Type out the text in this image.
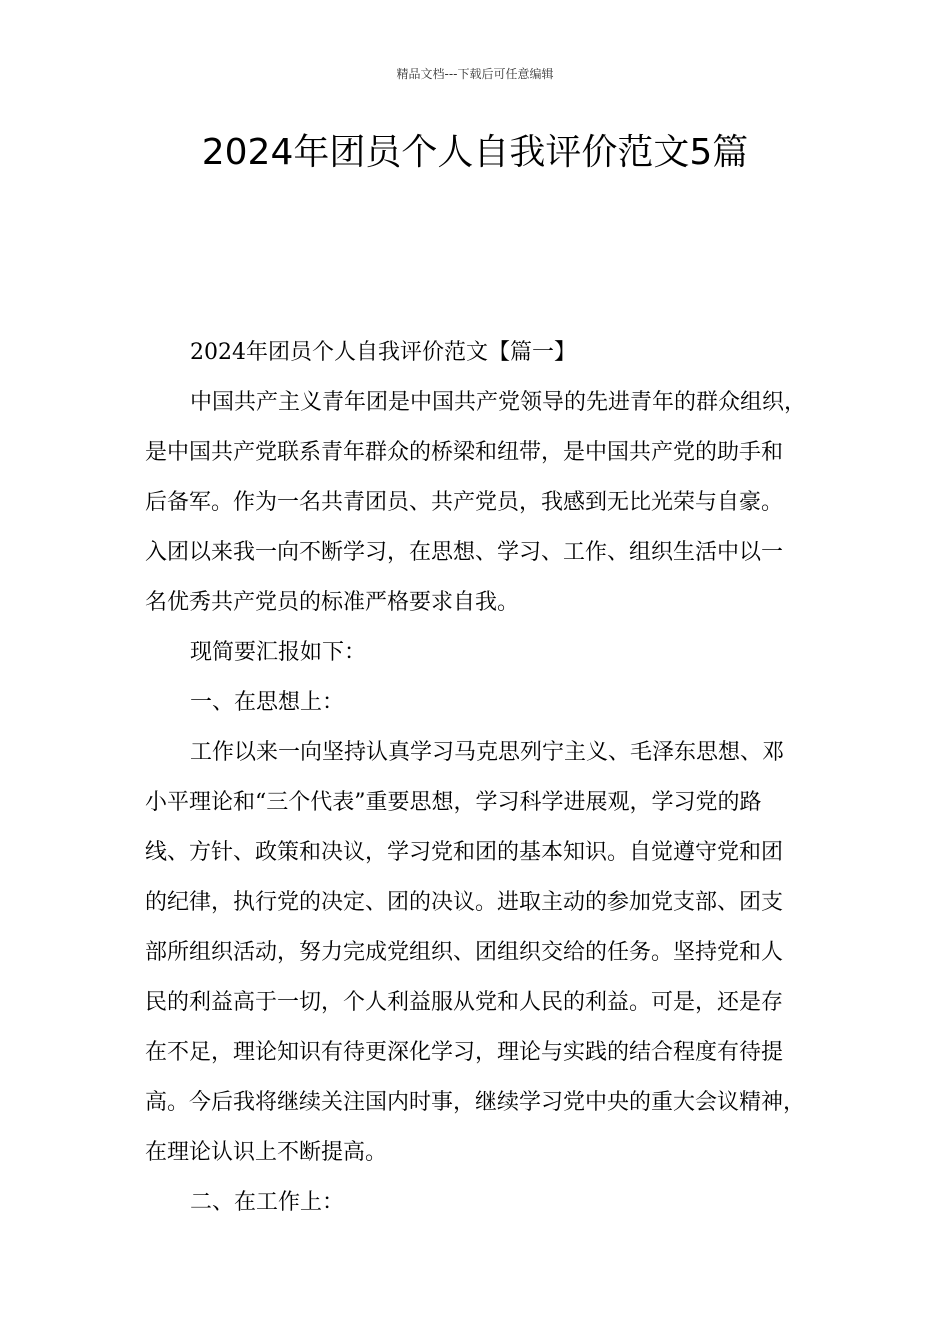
精品文档---下载后可任意编辑
2024年团员个人自我评价范文5篇

2024年团员个人自我评价范文【篇一】

中国共产主义青年团是中国共产党领导的先进青年的群众组织，
是中国共产党联系青年群众的桥梁和纽带，是中国共产党的助手和
后备军。作为一名共青团员、共产党员，我感到无比光荣与自豪。
入团以来我一向不断学习，在思想、学习、工作、组织生活中以一
名优秀共产党员的标准严格要求自我。

现简要汇报如下：

一、在思想上：

工作以来一向坚持认真学习马克思列宁主义、毛泽东思想、邓
小平理论和“三个代表”重要思想，学习科学进展观，学习党的路
线、方针、政策和决议，学习党和团的基本知识。自觉遵守党和团
的纪律，执行党的决定、团的决议。进取主动的参加党支部、团支
部所组织活动，努力完成党组织、团组织交给的任务。坚持党和人
民的利益高于一切，个人利益服从党和人民的利益。可是，还是存
在不足，理论知识有待更深化学习，理论与实践的结合程度有待提
高。今后我将继续关注国内时事，继续学习党中央的重大会议精神，
在理论认识上不断提高。

二、在工作上：
